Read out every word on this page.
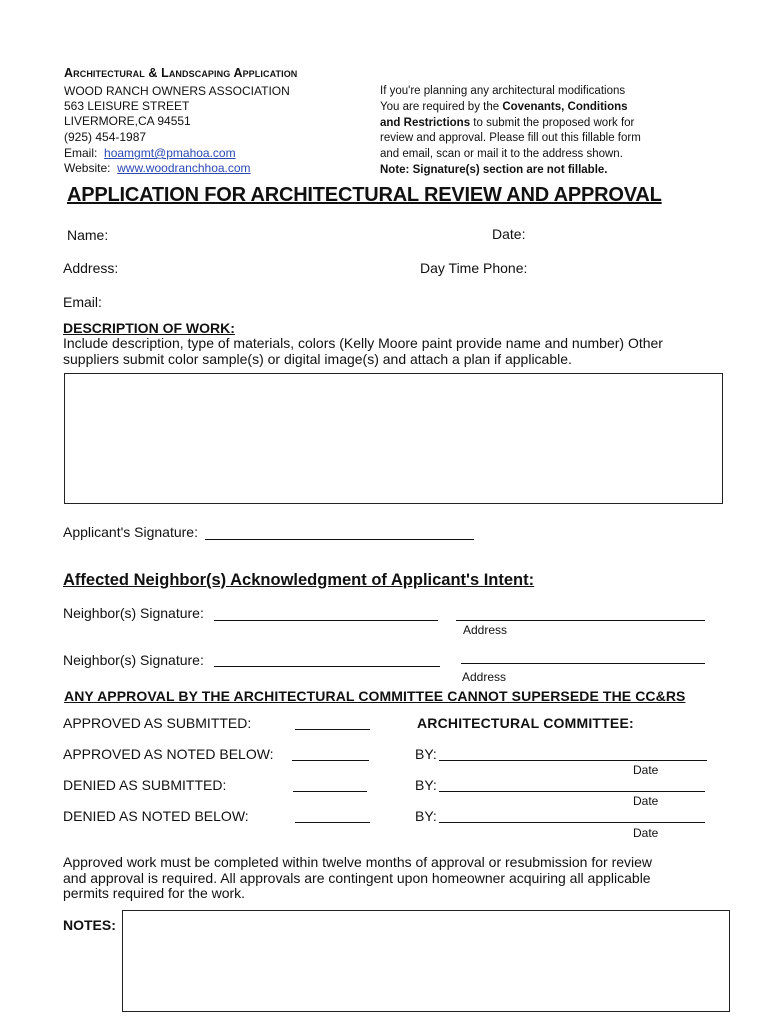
Architectural & Landscaping Application
WOOD RANCH OWNERS ASSOCIATION
563 LEISURE STREET
LIVERMORE,CA 94551
(925) 454-1987
Email: hoamgmt@pmahoa.com
Website: www.woodranchhoa.com
If you're planning any architectural modifications
You are required by the Covenants, Conditions
and Restrictions to submit the proposed work for
review and approval. Please fill out this fillable form
and email, scan or mail it to the address shown.
Note: Signature(s) section are not fillable.
APPLICATION FOR ARCHITECTURAL REVIEW AND APPROVAL
Name:	Date:
Address:	Day Time Phone:
Email:
DESCRIPTION OF WORK:
Include description, type of materials, colors (Kelly Moore paint provide name and number) Other
suppliers submit color sample(s) or digital image(s) and attach a plan if applicable.
Applicant's Signature:
Affected Neighbor(s) Acknowledgment of Applicant's Intent:
Neighbor(s) Signature:
Address
Neighbor(s) Signature:
Address
ANY APPROVAL BY THE ARCHITECTURAL COMMITTEE CANNOT SUPERSEDE THE CC&RS
APPROVED AS SUBMITTED:
APPROVED AS NOTED BELOW:
DENIED AS SUBMITTED:
DENIED AS NOTED BELOW:
ARCHITECTURAL COMMITTEE:
BY:
Date
BY:
Date
BY:
Date
Approved work must be completed within twelve months of approval or resubmission for review
and approval is required. All approvals are contingent upon homeowner acquiring all applicable
permits required for the work.
NOTES:
